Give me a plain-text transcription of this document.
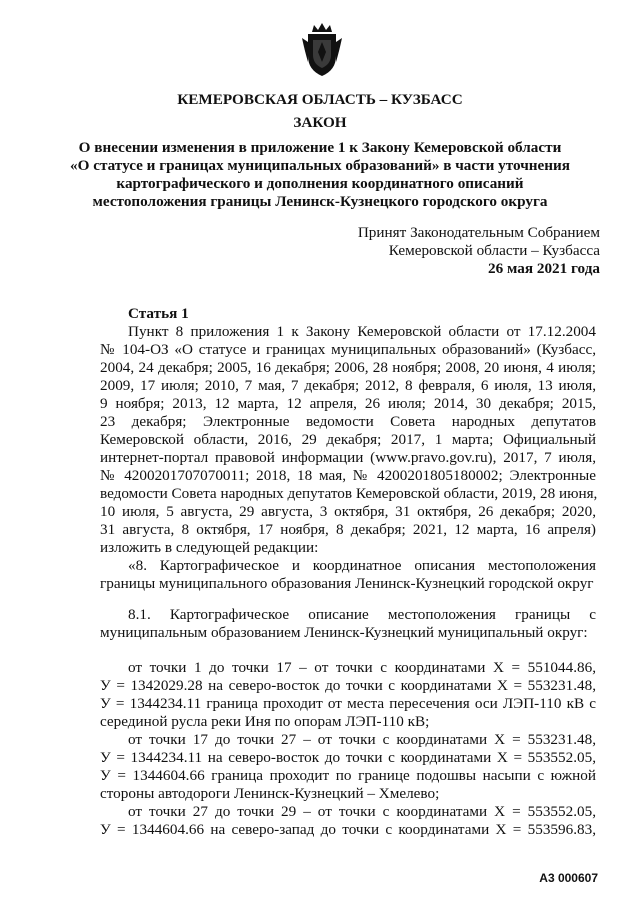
КЕМЕРОВСКАЯ ОБЛАСТЬ – КУЗБАСС
ЗАКОН
О внесении изменения в приложение 1 к Закону Кемеровской области
«О статусе и границах муниципальных образований» в части уточнения
картографического и дополнения координатного описаний
местоположения границы Ленинск-Кузнецкого городского округа
Принят Законодательным Собранием
Кемеровской области – Кузбасса
26 мая 2021 года
Статья 1
Пункт 8 приложения 1 к Закону Кемеровской области от 17.12.2004
№ 104-ОЗ «О статусе и границах муниципальных образований» (Кузбасс,
2004, 24 декабря; 2005, 16 декабря; 2006, 28 ноября; 2008, 20 июня, 4 июля;
2009, 17 июля; 2010, 7 мая, 7 декабря; 2012, 8 февраля, 6 июля, 13 июля,
9 ноября; 2013, 12 марта, 12 апреля, 26 июля; 2014, 30 декабря; 2015,
23 декабря; Электронные ведомости Совета народных депутатов
Кемеровской области, 2016, 29 декабря; 2017, 1 марта; Официальный
интернет-портал правовой информации (www.pravo.gov.ru), 2017, 7 июля,
№ 4200201707070011; 2018, 18 мая, № 4200201805180002; Электронные
ведомости Совета народных депутатов Кемеровской области, 2019, 28 июня,
10 июля, 5 августа, 29 августа, 3 октября, 31 октября, 26 декабря; 2020,
31 августа, 8 октября, 17 ноября, 8 декабря; 2021, 12 марта, 16 апреля)
изложить в следующей редакции:
«8. Картографическое и координатное описания местоположения
границы муниципального образования Ленинск-Кузнецкий городской округ
8.1. Картографическое описание местоположения границы с
муниципальным образованием Ленинск-Кузнецкий муниципальный округ:
от точки 1 до точки 17 – от точки с координатами X = 551044.86,
У = 1342029.28 на северо-восток до точки с координатами X = 553231.48,
У = 1344234.11 граница проходит от места пересечения оси ЛЭП-110 кВ с
серединой русла реки Иня по опорам ЛЭП-110 кВ;
от точки 17 до точки 27 – от точки с координатами X = 553231.48,
У = 1344234.11 на северо-восток до точки с координатами X = 553552.05,
У = 1344604.66 граница проходит по границе подошвы насыпи с южной
стороны автодороги Ленинск-Кузнецкий – Хмелево;
от точки 27 до точки 29 – от точки с координатами X = 553552.05,
У = 1344604.66 на северо-запад до точки с координатами X = 553596.83,
А3 000607
